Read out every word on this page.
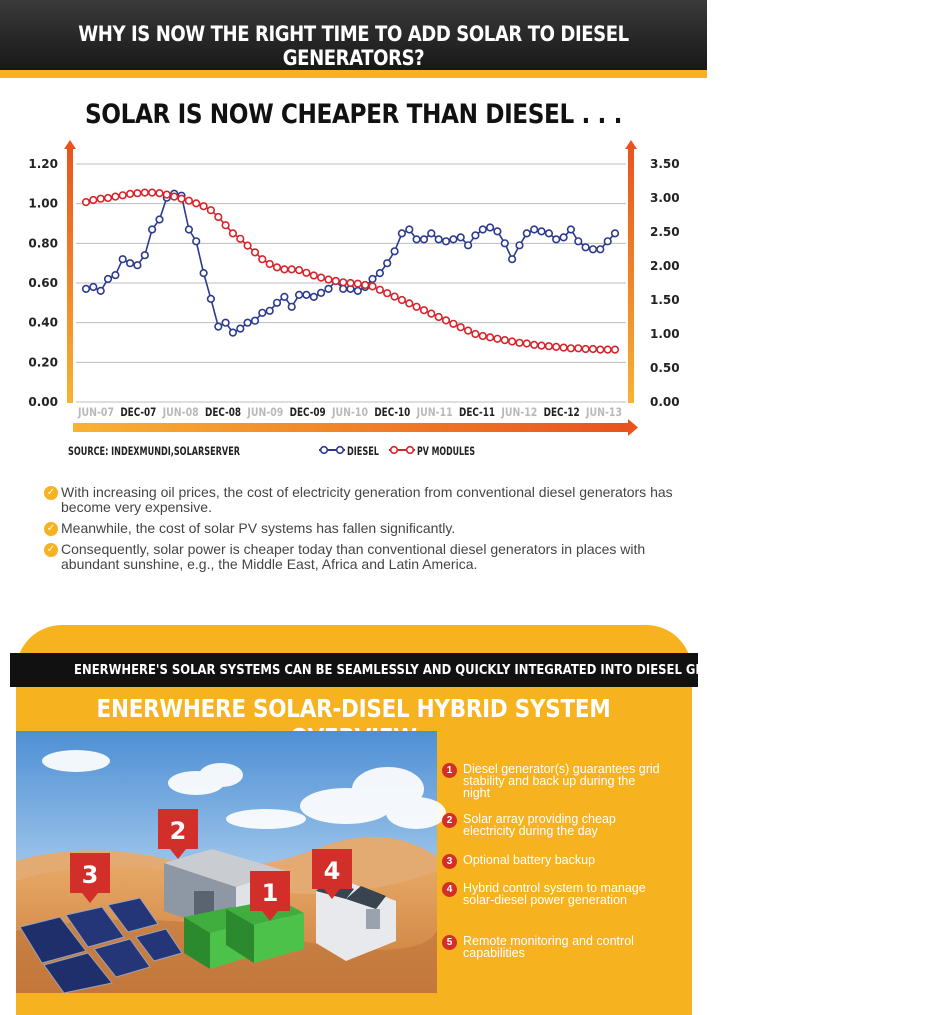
WHY IS NOW THE RIGHT TIME TO ADD SOLAR TO DIESEL GENERATORS?
SOLAR IS NOW CHEAPER THAN DIESEL . . .
0.00
0.20
0.40
0.60
0.80
1.00
1.20
0.00
0.50
1.00
1.50
2.00
2.50
3.00
3.50
JUN-07 DEC-07 JUN-08 DEC-08 JUN-09 DEC-09 JUN-10 DEC-10 JUN-11 DEC-11 JUN-12 DEC-12 JUN-13
SOURCE: INDEXMUNDI,SOLARSERVER	DIESEL	PV MODULES
✓ With increasing oil prices, the cost of electricity generation from conventional diesel generators has become very expensive.
✓ Meanwhile, the cost of solar PV systems has fallen significantly.
✓ Consequently, solar power is cheaper today than conventional diesel generators in places with abundant sunshine, e.g., the Middle East, Africa and Latin America.
ENERWHERE'S SOLAR SYSTEMS CAN BE SEAMLESSLY AND QUICKLY INTEGRATED INTO DIESEL GENERATORS / MINI-GRIDS
ENERWHERE SOLAR-DISEL HYBRID SYSTEM
3
2
1
4
1 Diesel generator(s) guarantees grid stability and back up during the night
2 Solar array providing cheap electricity during the day
3 Optional battery backup
4 Hybrid control system to manage solar-diesel power generation
5 Remote monitoring and control capabilities
